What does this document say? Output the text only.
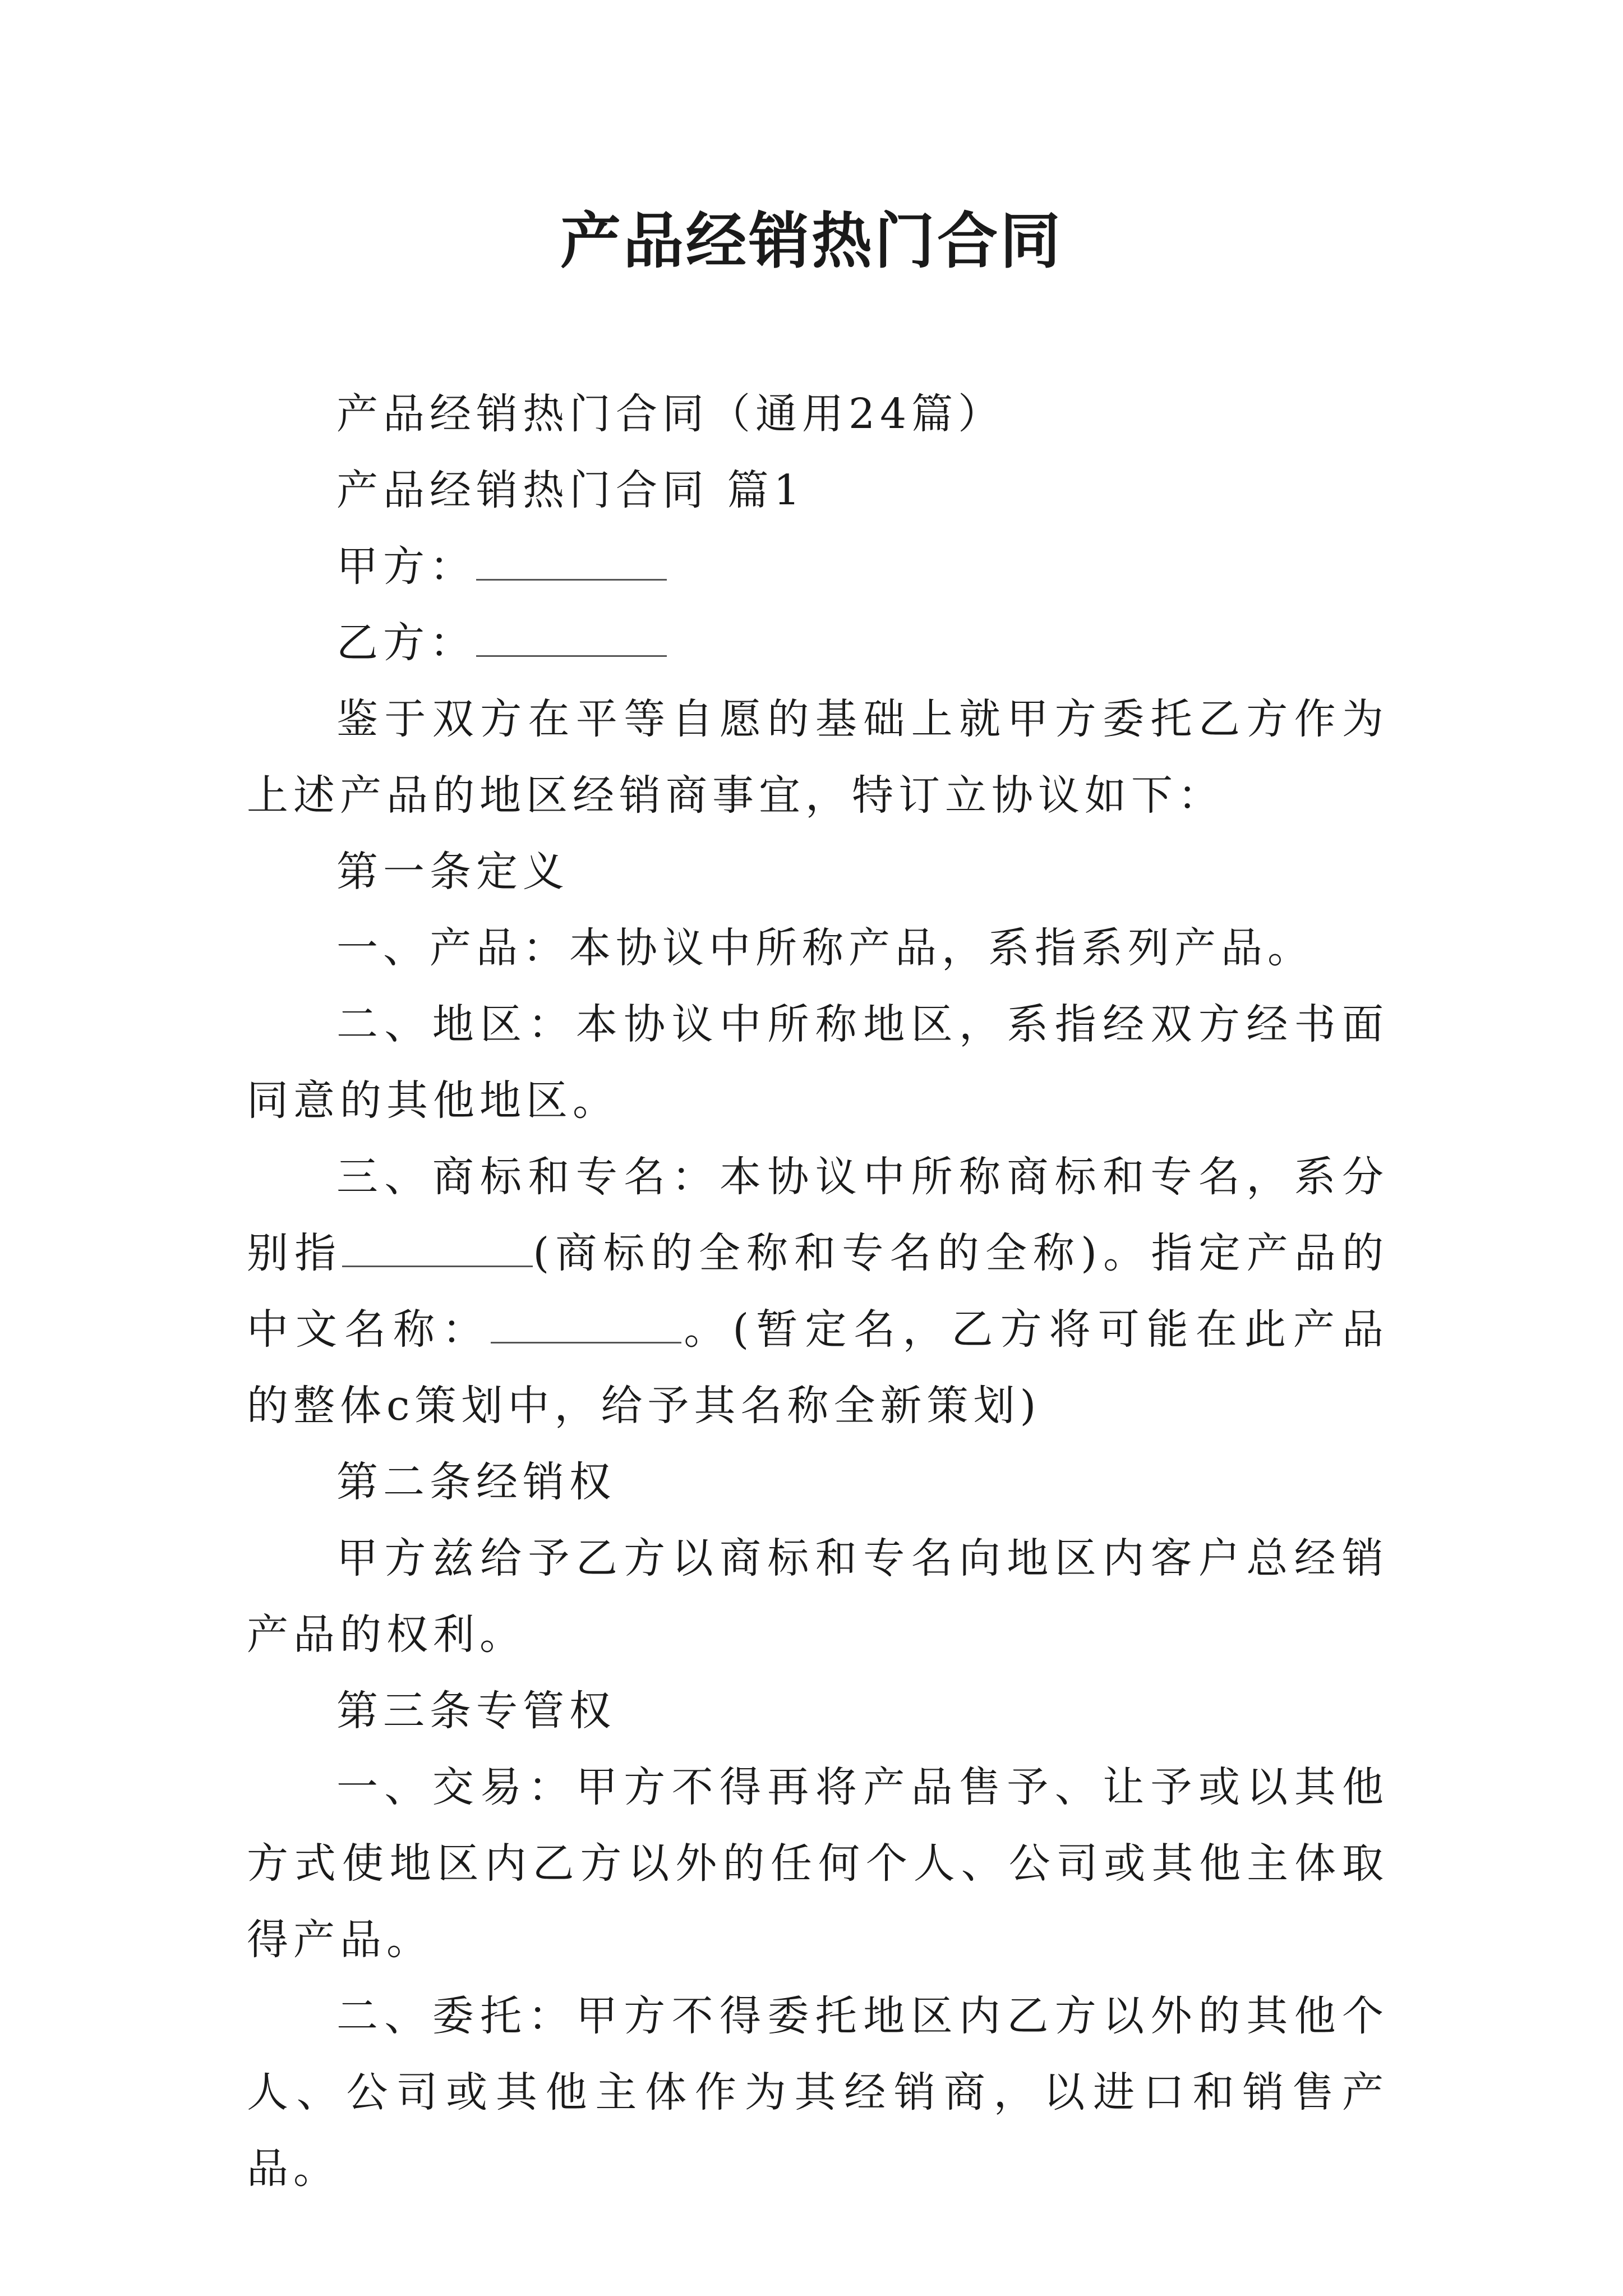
产品经销热门合同

产品经销热门合同（通用24篇）

产品经销热门合同 篇1

甲方：

乙方：

鉴于双方在平等自愿的基础上就甲方委托乙方作为上述产品的地区经销商事宜，特订立协议如下：

第一条定义

一、产品：本协议中所称产品，系指系列产品。

二、地区：本协议中所称地区，系指经双方经书面同意的其他地区。

三、商标和专名：本协议中所称商标和专名，系分别指	(商标的全称和专名的全称)。指定产品的中文名称：	。(暂定名，乙方将可能在此产品的整体c策划中，给予其名称全新策划)

第二条经销权

甲方兹给予乙方以商标和专名向地区内客户总经销产品的权利。

第三条专管权

一、交易：甲方不得再将产品售予、让予或以其他方式使地区内乙方以外的任何个人、公司或其他主体取得产品。

二、委托：甲方不得委托地区内乙方以外的其他个人、公司或其他主体作为其经销商，以进口和销售产品。
